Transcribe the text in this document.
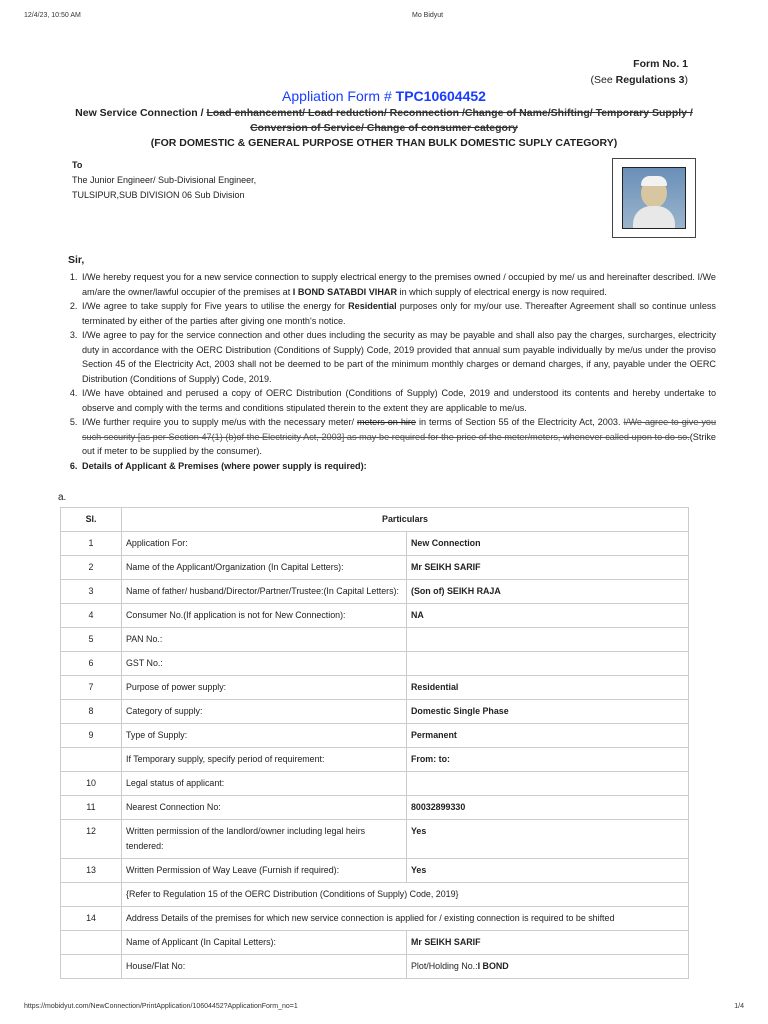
12/4/23, 10:50 AM	Mo Bidyut
Form No. 1
(See Regulations 3)
Appliation Form # TPC10604452
New Service Connection / Load enhancement/ Load reduction/ Reconnection /Change of Name/Shifting/ Temporary Supply / Conversion of Service/ Change of consumer category
(FOR DOMESTIC & GENERAL PURPOSE OTHER THAN BULK DOMESTIC SUPLY CATEGORY)
To
The Junior Engineer/ Sub-Divisional Engineer,
TULSIPUR,SUB DIVISION 06 Sub Division
Sir,
1. I/We hereby request you for a new service connection to supply electrical energy to the premises owned / occupied by me/ us and hereinafter described. I/We am/are the owner/lawful occupier of the premises at I BOND SATABDI VIHAR in which supply of electrical energy is now required.
2. I/We agree to take supply for Five years to utilise the energy for Residential purposes only for my/our use. Thereafter Agreement shall so continue unless terminated by either of the parties after giving one month's notice.
3. I/We agree to pay for the service connection and other dues including the security as may be payable and shall also pay the charges, surcharges, electricity duty in accordance with the OERC Distribution (Conditions of Supply) Code, 2019 provided that annual sum payable individually by me/us under the proviso Section 45 of the Electricity Act, 2003 shall not be deemed to be part of the minimum monthly charges or demand charges, if any, payable under the OERC Distribution (Conditions of Supply) Code, 2019.
4. I/We have obtained and perused a copy of OERC Distribution (Conditions of Supply) Code, 2019 and understood its contents and hereby undertake to observe and comply with the terms and conditions stipulated therein to the extent they are applicable to me/us.
5. I/We further require you to supply me/us with the necessary meter/ meters on hire in terms of Section 55 of the Electricity Act, 2003. I/We agree to give you such security [as per Section 47(1) (b)of the Electricity Act, 2003] as may be required for the price of the meter/meters, whenever called upon to do so.(Strike out if meter to be supplied by the consumer).
6. Details of Applicant & Premises (where power supply is required):
a.
Sl.	Particulars	
1	Application For:	New Connection
2	Name of the Applicant/Organization (In Capital Letters):	Mr SEIKH SARIF
3	Name of father/ husband/Director/Partner/Trustee:(In Capital Letters):	(Son of) SEIKH RAJA
4	Consumer No.(If application is not for New Connection):	NA
5	PAN No.:	
6	GST No.:	
7	Purpose of power supply:	Residential
8	Category of supply:	Domestic Single Phase
9	Type of Supply:	Permanent
	If Temporary supply, specify period of requirement:	From: to:
10	Legal status of applicant:	
11	Nearest Connection No:	80032899330
12	Written permission of the landlord/owner including legal heirs tendered:	Yes
13	Written Permission of Way Leave (Furnish if required):	Yes
	{Refer to Regulation 15 of the OERC Distribution (Conditions of Supply) Code, 2019}	
14	Address Details of the premises for which new service connection is applied for / existing connection is required to be shifted	
	Name of Applicant (In Capital Letters):	Mr SEIKH SARIF
	House/Flat No:	Plot/Holding No.:I BOND
https://mobidyut.com/NewConnection/PrintApplication/10604452?ApplicationForm_no=1	1/4
